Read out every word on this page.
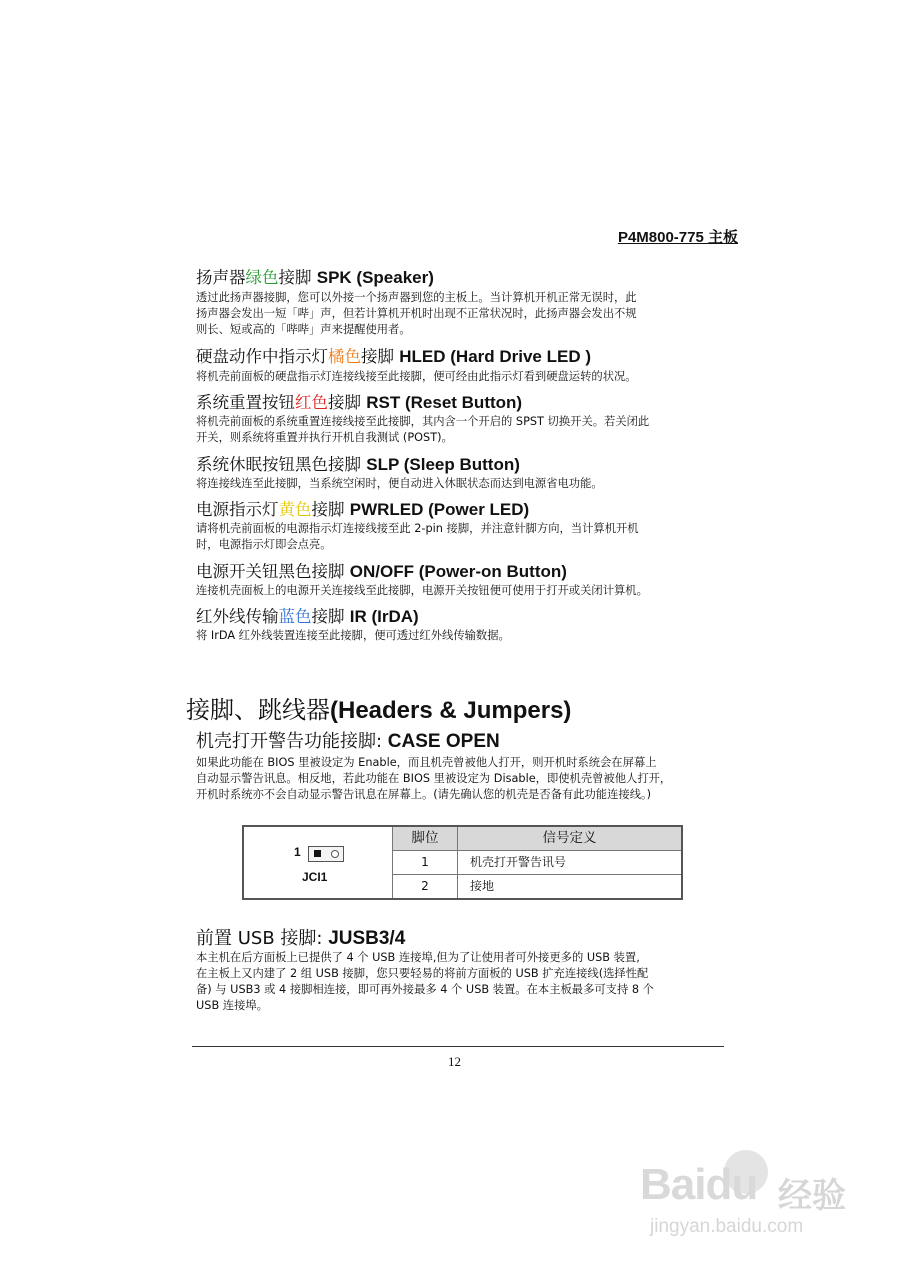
P4M800-775 主板
扬声器绿色接脚 SPK (Speaker)
透过此扬声器接脚，您可以外接一个扬声器到您的主板上。当计算机开机正常无误时，此
扬声器会发出一短「哔」声，但若计算机开机时出现不正常状况时，此扬声器会发出不规
则长、短或高的「哔哔」声来提醒使用者。
硬盘动作中指示灯橘色接脚 HLED (Hard Drive LED )
将机壳前面板的硬盘指示灯连接线接至此接脚，便可经由此指示灯看到硬盘运转的状况。
系统重置按钮红色接脚 RST (Reset Button)
将机壳前面板的系统重置连接线接至此接脚，其内含一个开启的 SPST 切换开关。若关闭此
开关，则系统将重置并执行开机自我测试 (POST)。
系统休眠按钮黑色接脚 SLP (Sleep Button)
将连接线连至此接脚，当系统空闲时，便自动进入休眠状态而达到电源省电功能。
电源指示灯黄色接脚 PWRLED (Power LED)
请将机壳前面板的电源指示灯连接线接至此 2-pin 接脚，并注意针脚方向，当计算机开机
时，电源指示灯即会点亮。
电源开关钮黑色接脚 ON/OFF (Power-on Button)
连接机壳面板上的电源开关连接线至此接脚，电源开关按钮便可使用于打开或关闭计算机。
红外线传输蓝色接脚 IR (IrDA)
将 IrDA 红外线装置连接至此接脚，便可透过红外线传输数据。
接脚、跳线器(Headers & Jumpers)
机壳打开警告功能接脚: CASE OPEN
如果此功能在 BIOS 里被设定为 Enable，而且机壳曾被他人打开，则开机时系统会在屏幕上
自动显示警告讯息。相反地，若此功能在 BIOS 里被设定为 Disable，即使机壳曾被他人打开，
开机时系统亦不会自动显示警告讯息在屏幕上。(请先确认您的机壳是否备有此功能连接线。)
1
JCI1
脚位	信号定义
1	机壳打开警告讯号
2	接地
前置 USB 接脚: JUSB3/4
本主机在后方面板上已提供了 4 个 USB 连接埠,但为了让使用者可外接更多的 USB 装置,
在主板上又内建了 2 组 USB 接脚，您只要轻易的将前方面板的 USB 扩充连接线(选择性配
备) 与 USB3 或 4 接脚相连接，即可再外接最多 4 个 USB 装置。在本主板最多可支持 8 个
USB 连接埠。
12
Baidu 经验
jingyan.baidu.com
